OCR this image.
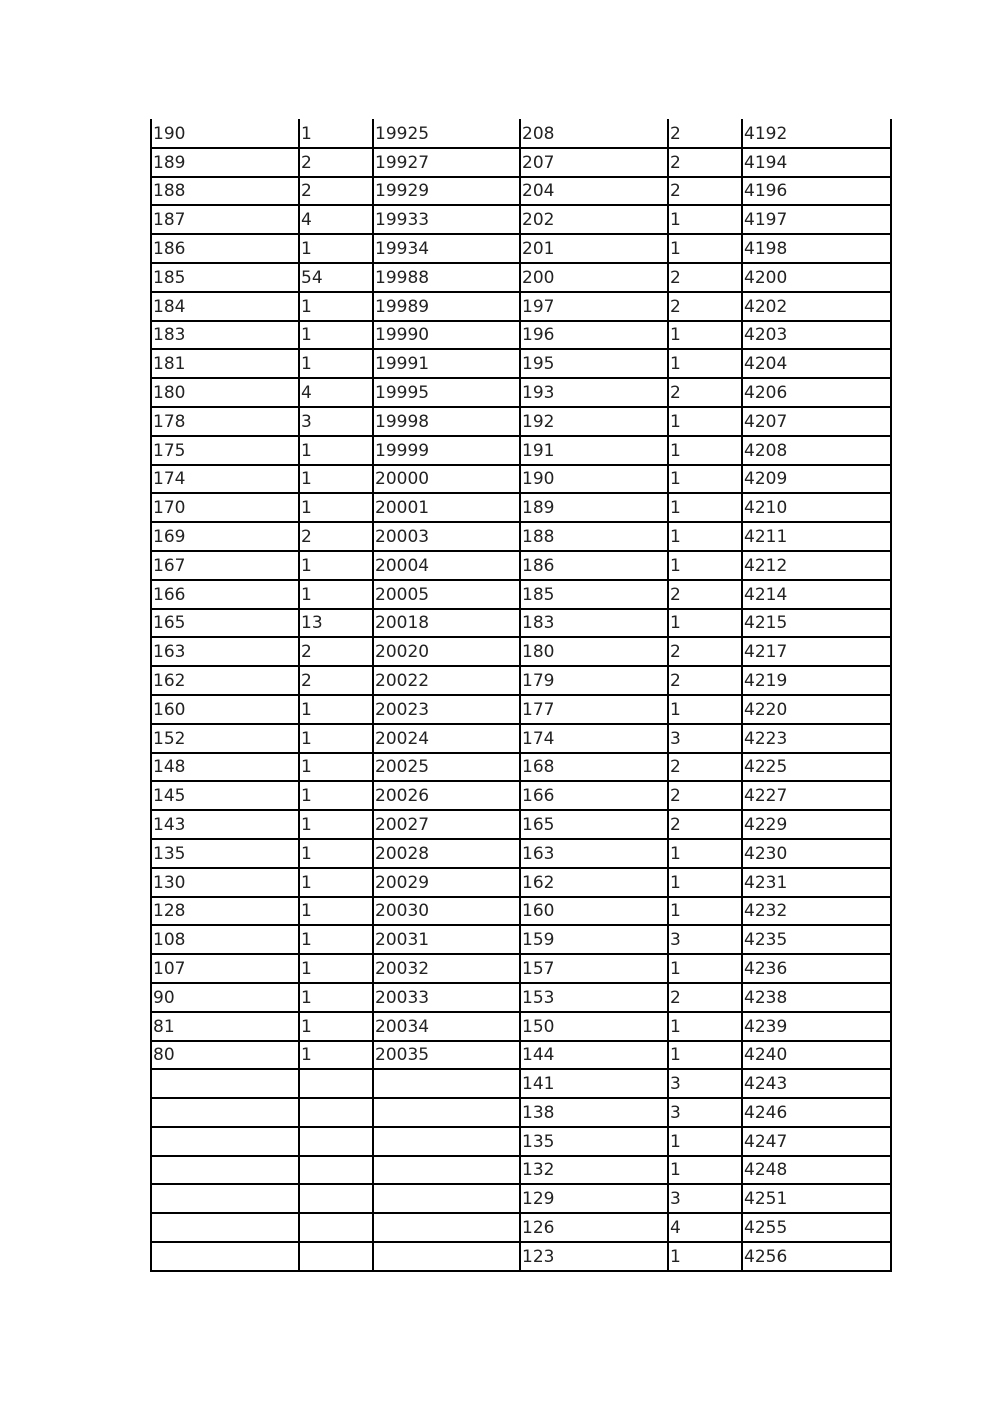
190	1	19925	208	2	4192
189	2	19927	207	2	4194
188	2	19929	204	2	4196
187	4	19933	202	1	4197
186	1	19934	201	1	4198
185	54	19988	200	2	4200
184	1	19989	197	2	4202
183	1	19990	196	1	4203
181	1	19991	195	1	4204
180	4	19995	193	2	4206
178	3	19998	192	1	4207
175	1	19999	191	1	4208
174	1	20000	190	1	4209
170	1	20001	189	1	4210
169	2	20003	188	1	4211
167	1	20004	186	1	4212
166	1	20005	185	2	4214
165	13	20018	183	1	4215
163	2	20020	180	2	4217
162	2	20022	179	2	4219
160	1	20023	177	1	4220
152	1	20024	174	3	4223
148	1	20025	168	2	4225
145	1	20026	166	2	4227
143	1	20027	165	2	4229
135	1	20028	163	1	4230
130	1	20029	162	1	4231
128	1	20030	160	1	4232
108	1	20031	159	3	4235
107	1	20032	157	1	4236
90	1	20033	153	2	4238
81	1	20034	150	1	4239
80	1	20035	144	1	4240
			141	3	4243
			138	3	4246
			135	1	4247
			132	1	4248
			129	3	4251
			126	4	4255
			123	1	4256
